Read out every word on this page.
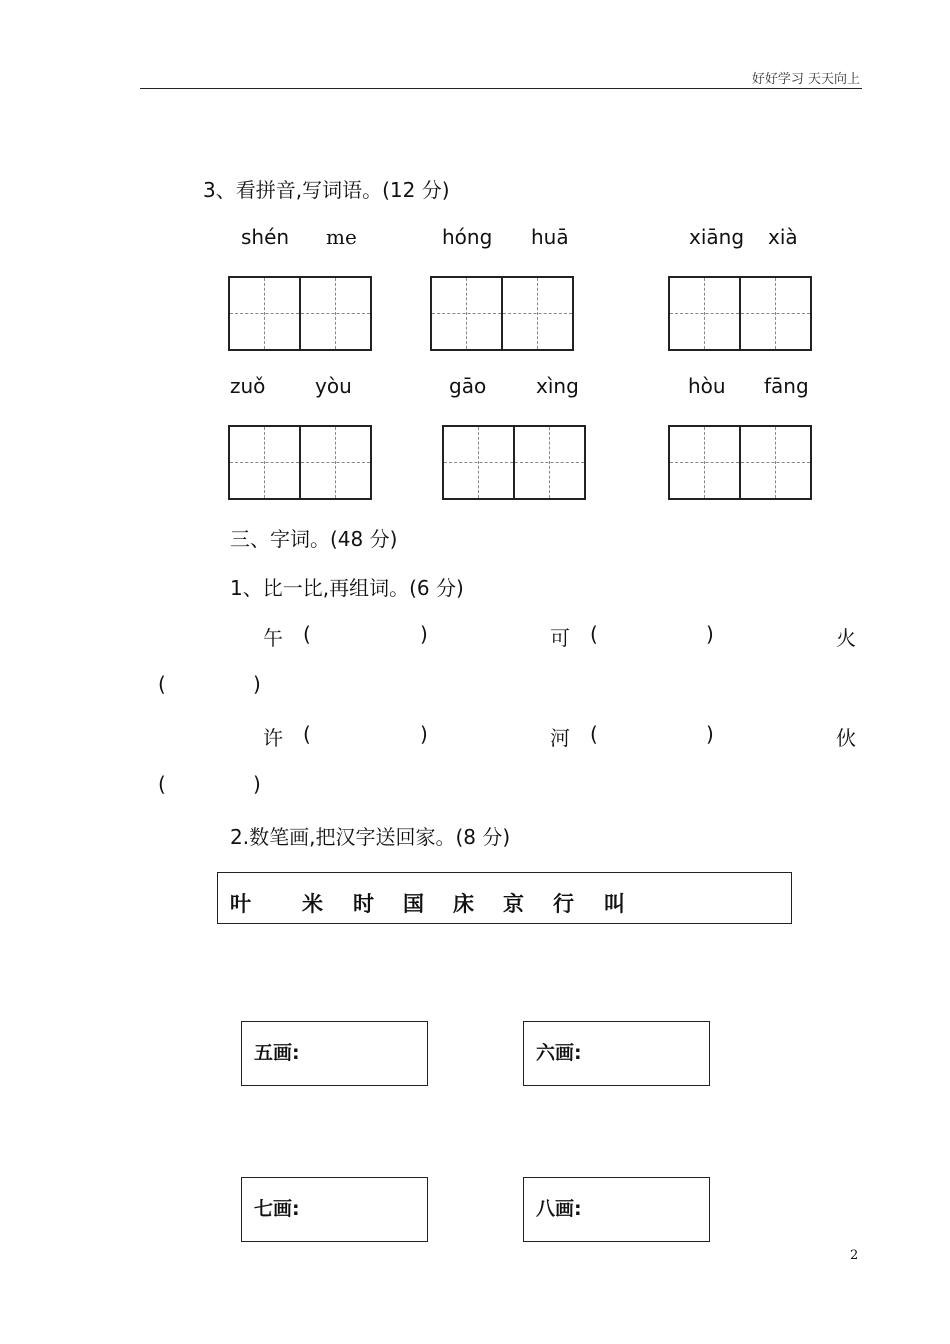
好好学习 天天向上
3、看拼音,写词语。(12 分)
shén me	hóng huā	xiāng xià
zuǒ yòu	gāo xìng	hòu fāng
三、字词。(48 分)
1、比一比,再组词。(6 分)
午 (	)	可 (	)	火
(	)
许 (	)	河 (	)	伙
(	)
2.数笔画,把汉字送回家。(8 分)
叶 米 时 国 床 京 行 叫
五画:	六画:
七画:	八画:
2
